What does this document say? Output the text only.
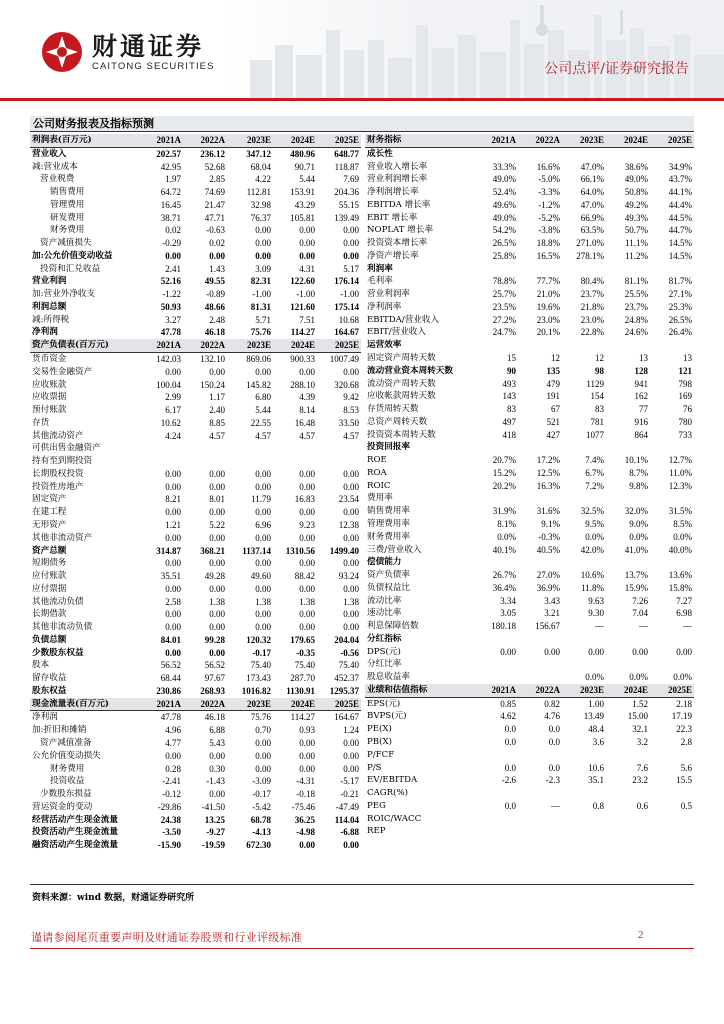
财通证券
CAITONG SECURITIES	公司点评/证券研究报告
公司财务报表及指标预测
利润表(百万元)	2021A	2022A	2023E	2024E	2025E
营业收入	202.57	236.12	347.12	480.96	648.77
减:营业成本	42.95	52.68	68.04	90.71	118.87
营业税费	1.97	2.85	4.22	5.44	7.69
销售费用	64.72	74.69	112.81	153.91	204.36
管理费用	16.45	21.47	32.98	43.29	55.15
研发费用	38.71	47.71	76.37	105.81	139.49
财务费用	0.02	-0.63	0.00	0.00	0.00
资产减值损失	-0.29	0.02	0.00	0.00	0.00
加:公允价值变动收益	0.00	0.00	0.00	0.00	0.00
投资和汇兑收益	2.41	1.43	3.09	4.31	5.17
营业利润	52.16	49.55	82.31	122.60	176.14
加:营业外净收支	-1.22	-0.89	-1.00	-1.00	-1.00
利润总额	50.93	48.66	81.31	121.60	175.14
减:所得税	3.27	2.48	5.71	7.51	10.68
净利润	47.78	46.18	75.76	114.27	164.67
资产负债表(百万元)	2021A	2022A	2023E	2024E	2025E
货币资金	142.03	132.10	869.06	900.33	1007.49
交易性金融资产	0.00	0.00	0.00	0.00	0.00
应收账款	100.04	150.24	145.82	288.10	320.68
应收票据	2.99	1.17	6.80	4.39	9.42
预付账款	6.17	2.40	5.44	8.14	8.53
存货	10.62	8.85	22.55	16.48	33.50
其他流动资产	4.24	4.57	4.57	4.57	4.57
可供出售金融资产					
持有至到期投资					
长期股权投资	0.00	0.00	0.00	0.00	0.00
投资性房地产	0.00	0.00	0.00	0.00	0.00
固定资产	8.21	8.01	11.79	16.83	23.54
在建工程	0.00	0.00	0.00	0.00	0.00
无形资产	1.21	5.22	6.96	9.23	12.38
其他非流动资产	0.00	0.00	0.00	0.00	0.00
资产总额	314.87	368.21	1137.14	1310.56	1499.40
短期债务	0.00	0.00	0.00	0.00	0.00
应付账款	35.51	49.28	49.60	88.42	93.24
应付票据	0.00	0.00	0.00	0.00	0.00
其他流动负债	2.58	1.38	1.38	1.38	1.38
长期借款	0.00	0.00	0.00	0.00	0.00
其他非流动负债	0.00	0.00	0.00	0.00	0.00
负债总额	84.01	99.28	120.32	179.65	204.04
少数股东权益	0.00	0.00	-0.17	-0.35	-0.56
股本	56.52	56.52	75.40	75.40	75.40
留存收益	68.44	97.67	173.43	287.70	452.37
股东权益	230.86	268.93	1016.82	1130.91	1295.37
现金流量表(百万元)	2021A	2022A	2023E	2024E	2025E
净利润	47.78	46.18	75.76	114.27	164.67
加:折旧和摊销	4.96	6.88	0.70	0.93	1.24
资产减值准备	4.77	5.43	0.00	0.00	0.00
公允价值变动损失	0.00	0.00	0.00	0.00	0.00
财务费用	0.28	0.30	0.00	0.00	0.00
投资收益	-2.41	-1.43	-3.09	-4.31	-5.17
少数股东损益	-0.12	0.00	-0.17	-0.18	-0.21
营运资金的变动	-29.86	-41.50	-5.42	-75.46	-47.49
经营活动产生现金流量	24.38	13.25	68.78	36.25	114.04
投资活动产生现金流量	-3.50	-9.27	-4.13	-4.98	-6.88
融资活动产生现金流量	-15.90	-19.59	672.30	0.00	0.00
财务指标	2021A	2022A	2023E	2024E	2025E
成长性					
营业收入增长率	33.3%	16.6%	47.0%	38.6%	34.9%
营业利润增长率	49.0%	-5.0%	66.1%	49.0%	43.7%
净利润增长率	52.4%	-3.3%	64.0%	50.8%	44.1%
EBITDA 增长率	49.6%	-1.2%	47.0%	49.2%	44.4%
EBIT 增长率	49.0%	-5.2%	66.9%	49.3%	44.5%
NOPLAT 增长率	54.2%	-3.8%	63.5%	50.7%	44.7%
投资资本增长率	26.5%	18.8%	271.0%	11.1%	14.5%
净资产增长率	25.8%	16.5%	278.1%	11.2%	14.5%
利润率					
毛利率	78.8%	77.7%	80.4%	81.1%	81.7%
营业利润率	25.7%	21.0%	23.7%	25.5%	27.1%
净利润率	23.5%	19.6%	21.8%	23.7%	25.3%
EBITDA/营业收入	27.2%	23.0%	23.0%	24.8%	26.5%
EBIT/营业收入	24.7%	20.1%	22.8%	24.6%	26.4%
运营效率					
固定资产周转天数	15	12	12	13	13
流动营业资本周转天数	90	135	98	128	121
流动资产周转天数	493	479	1129	941	798
应收帐款周转天数	143	191	154	162	169
存货周转天数	83	67	83	77	76
总资产周转天数	497	521	781	916	780
投资资本周转天数	418	427	1077	864	733
投资回报率					
ROE	20.7%	17.2%	7.4%	10.1%	12.7%
ROA	15.2%	12.5%	6.7%	8.7%	11.0%
ROIC	20.2%	16.3%	7.2%	9.8%	12.3%
费用率					
销售费用率	31.9%	31.6%	32.5%	32.0%	31.5%
管理费用率	8.1%	9.1%	9.5%	9.0%	8.5%
财务费用率	0.0%	-0.3%	0.0%	0.0%	0.0%
三费/营业收入	40.1%	40.5%	42.0%	41.0%	40.0%
偿债能力					
资产负债率	26.7%	27.0%	10.6%	13.7%	13.6%
负债权益比	36.4%	36.9%	11.8%	15.9%	15.8%
流动比率	3.34	3.43	9.63	7.26	7.27
速动比率	3.05	3.21	9.30	7.04	6.98
利息保障倍数	180.18	156.67	—	—	—
分红指标					
DPS(元)	0.00	0.00	0.00	0.00	0.00
分红比率					
股息收益率			0.0%	0.0%	0.0%
业绩和估值指标	2021A	2022A	2023E	2024E	2025E
EPS(元)	0.85	0.82	1.00	1.52	2.18
BVPS(元)	4.62	4.76	13.49	15.00	17.19
PE(X)	0.0	0.0	48.4	32.1	22.3
PB(X)	0.0	0.0	3.6	3.2	2.8
P/FCF					
P/S	0.0	0.0	10.6	7.6	5.6
EV/EBITDA	-2.6	-2.3	35.1	23.2	15.5
CAGR(%)					
PEG	0.0	—	0.8	0.6	0.5
ROIC/WACC					
REP					
资料来源：wind 数据，财通证券研究所
谨请参阅尾页重要声明及财通证券股票和行业评级标准	2
